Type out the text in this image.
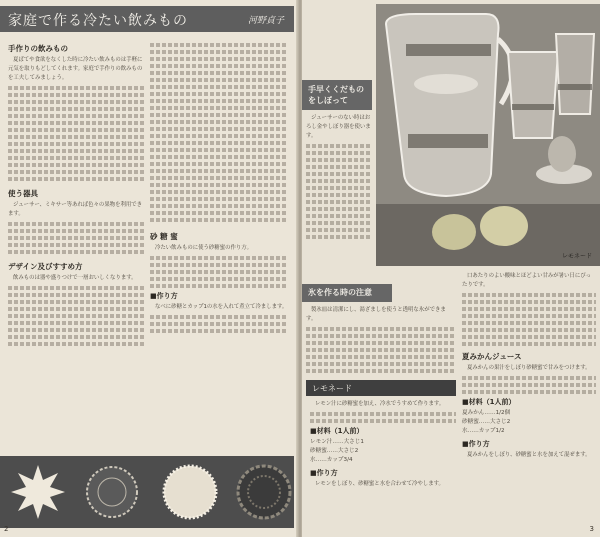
家庭で作る冷たい飲みもの	河野貞子
手作りの飲みもの

夏ばてや食欲をなくした時に冷たい飲みものは手軽に元気を取りもどしてくれます。家庭で手作りの飲みものを工夫してみましょう。

使う器具

ジューサー、ミキサー等あれば色々の果物を利用できます。

デザイン及びすすめ方

飲みものは器や盛りつけで一層おいしくなります。

砂 糖 蜜

冷たい飲みものに使う砂糖蜜の作り方。

■作り方

なべに砂糖とカップ1の水を入れて煮立て冷まします。

2
手早くくだものをしぼって

ジューサーのない時はおろし金やしぼり器を使います。

レモネード
氷を作る時の注意

製氷皿は清潔にし、湯ざましを使うと透明な氷ができます。

レモネード

レモン汁に砂糖蜜を加え、冷水でうすめて作ります。

■材料（1人前）
レモン汁……大さじ1
砂糖蜜……大さじ2
水……カップ3/4
■作り方

レモンをしぼり、砂糖蜜と水を合わせて冷やします。

口あたりのよい酸味とほどよい甘みが暑い日にぴったりです。

夏みかんジュース

夏みかんの果汁をしぼり砂糖蜜で甘みをつけます。

■材料（1人前）
夏みかん……1/2個
砂糖蜜……大さじ2
水……カップ1/2
■作り方

夏みかんをしぼり、砂糖蜜と水を加えて混ぜます。

3
